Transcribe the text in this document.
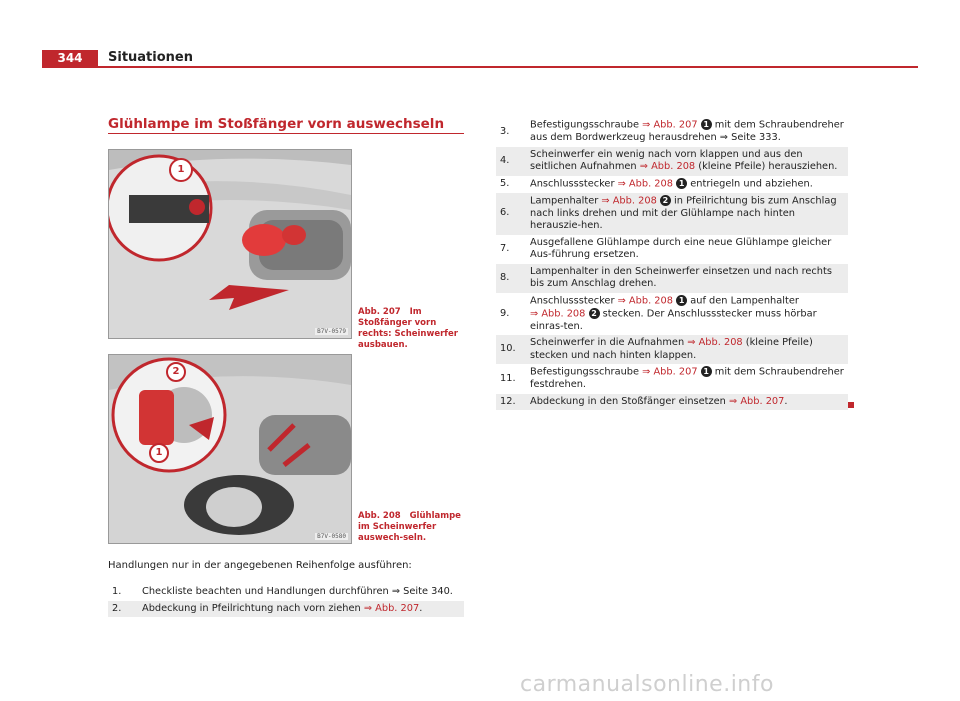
344	Situationen
Glühlampe im Stoßfänger vorn auswechseln
1
B7V-0579
Abb. 207 Im Stoßfänger vorn rechts: Scheinwerfer ausbauen.
2
1
B7V-0580
Abb. 208 Glühlampe im Scheinwerfer auswech-seln.
Handlungen nur in der angegebenen Reihenfolge ausführen:
1.	Checkliste beachten und Handlungen durchführen ⇒ Seite 340.
2.	Abdeckung in Pfeilrichtung nach vorn ziehen ⇒ Abb. 207.
3.	Befestigungsschraube ⇒ Abb. 207 1 mit dem Schraubendreher aus dem Bordwerkzeug herausdrehen ⇒ Seite 333.
4.	Scheinwerfer ein wenig nach vorn klappen und aus den seitlichen Aufnahmen ⇒ Abb. 208 (kleine Pfeile) herausziehen.
5.	Anschlussstecker ⇒ Abb. 208 1 entriegeln und abziehen.
6.	Lampenhalter ⇒ Abb. 208 2 in Pfeilrichtung bis zum Anschlag nach links drehen und mit der Glühlampe nach hinten herauszie-hen.
7.	Ausgefallene Glühlampe durch eine neue Glühlampe gleicher Aus-führung ersetzen.
8.	Lampenhalter in den Scheinwerfer einsetzen und nach rechts bis zum Anschlag drehen.
9.	Anschlussstecker ⇒ Abb. 208 1 auf den Lampenhalter
⇒ Abb. 208 2 stecken. Der Anschlussstecker muss hörbar einras-ten.
10.	Scheinwerfer in die Aufnahmen ⇒ Abb. 208 (kleine Pfeile) stecken und nach hinten klappen.
11.	Befestigungsschraube ⇒ Abb. 207 1 mit dem Schraubendreher festdrehen.
12.	Abdeckung in den Stoßfänger einsetzen ⇒ Abb. 207.
carmanualsonline.info
